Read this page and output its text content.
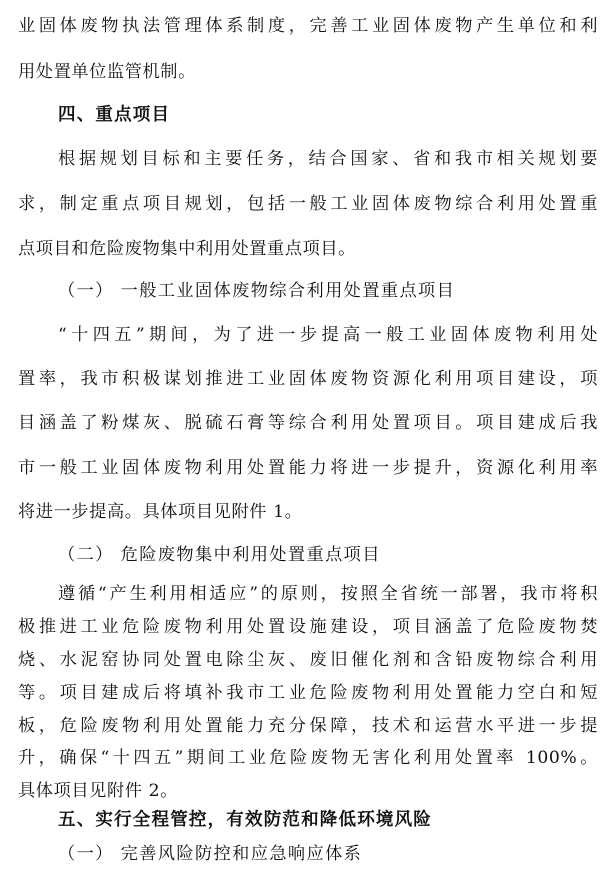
业固体废物执法管理体系制度，完善工业固体废物产生单位和利
用处置单位监管机制。
四、重点项目
根据规划目标和主要任务，结合国家、省和我市相关规划要
求，制定重点项目规划，包括一般工业固体废物综合利用处置重
点项目和危险废物集中利用处置重点项目。
（一） 一般工业固体废物综合利用处置重点项目
“十四五”期间，为了进一步提高一般工业固体废物利用处
置率，我市积极谋划推进工业固体废物资源化利用项目建设，项
目涵盖了粉煤灰、脱硫石膏等综合利用处置项目。项目建成后我
市一般工业固体废物利用处置能力将进一步提升，资源化利用率
将进一步提高。具体项目见附件 1。
（二） 危险废物集中利用处置重点项目
遵循“产生利用相适应”的原则，按照全省统一部署，我市将积
极推进工业危险废物利用处置设施建设，项目涵盖了危险废物焚
烧、水泥窑协同处置电除尘灰、废旧催化剂和含铅废物综合利用
等。项目建成后将填补我市工业危险废物利用处置能力空白和短
板，危险废物利用处置能力充分保障，技术和运营水平进一步提
升，确保“十四五”期间工业危险废物无害化利用处置率 100%。
具体项目见附件 2。
五、实行全程管控，有效防范和降低环境风险
（一） 完善风险防控和应急响应体系
